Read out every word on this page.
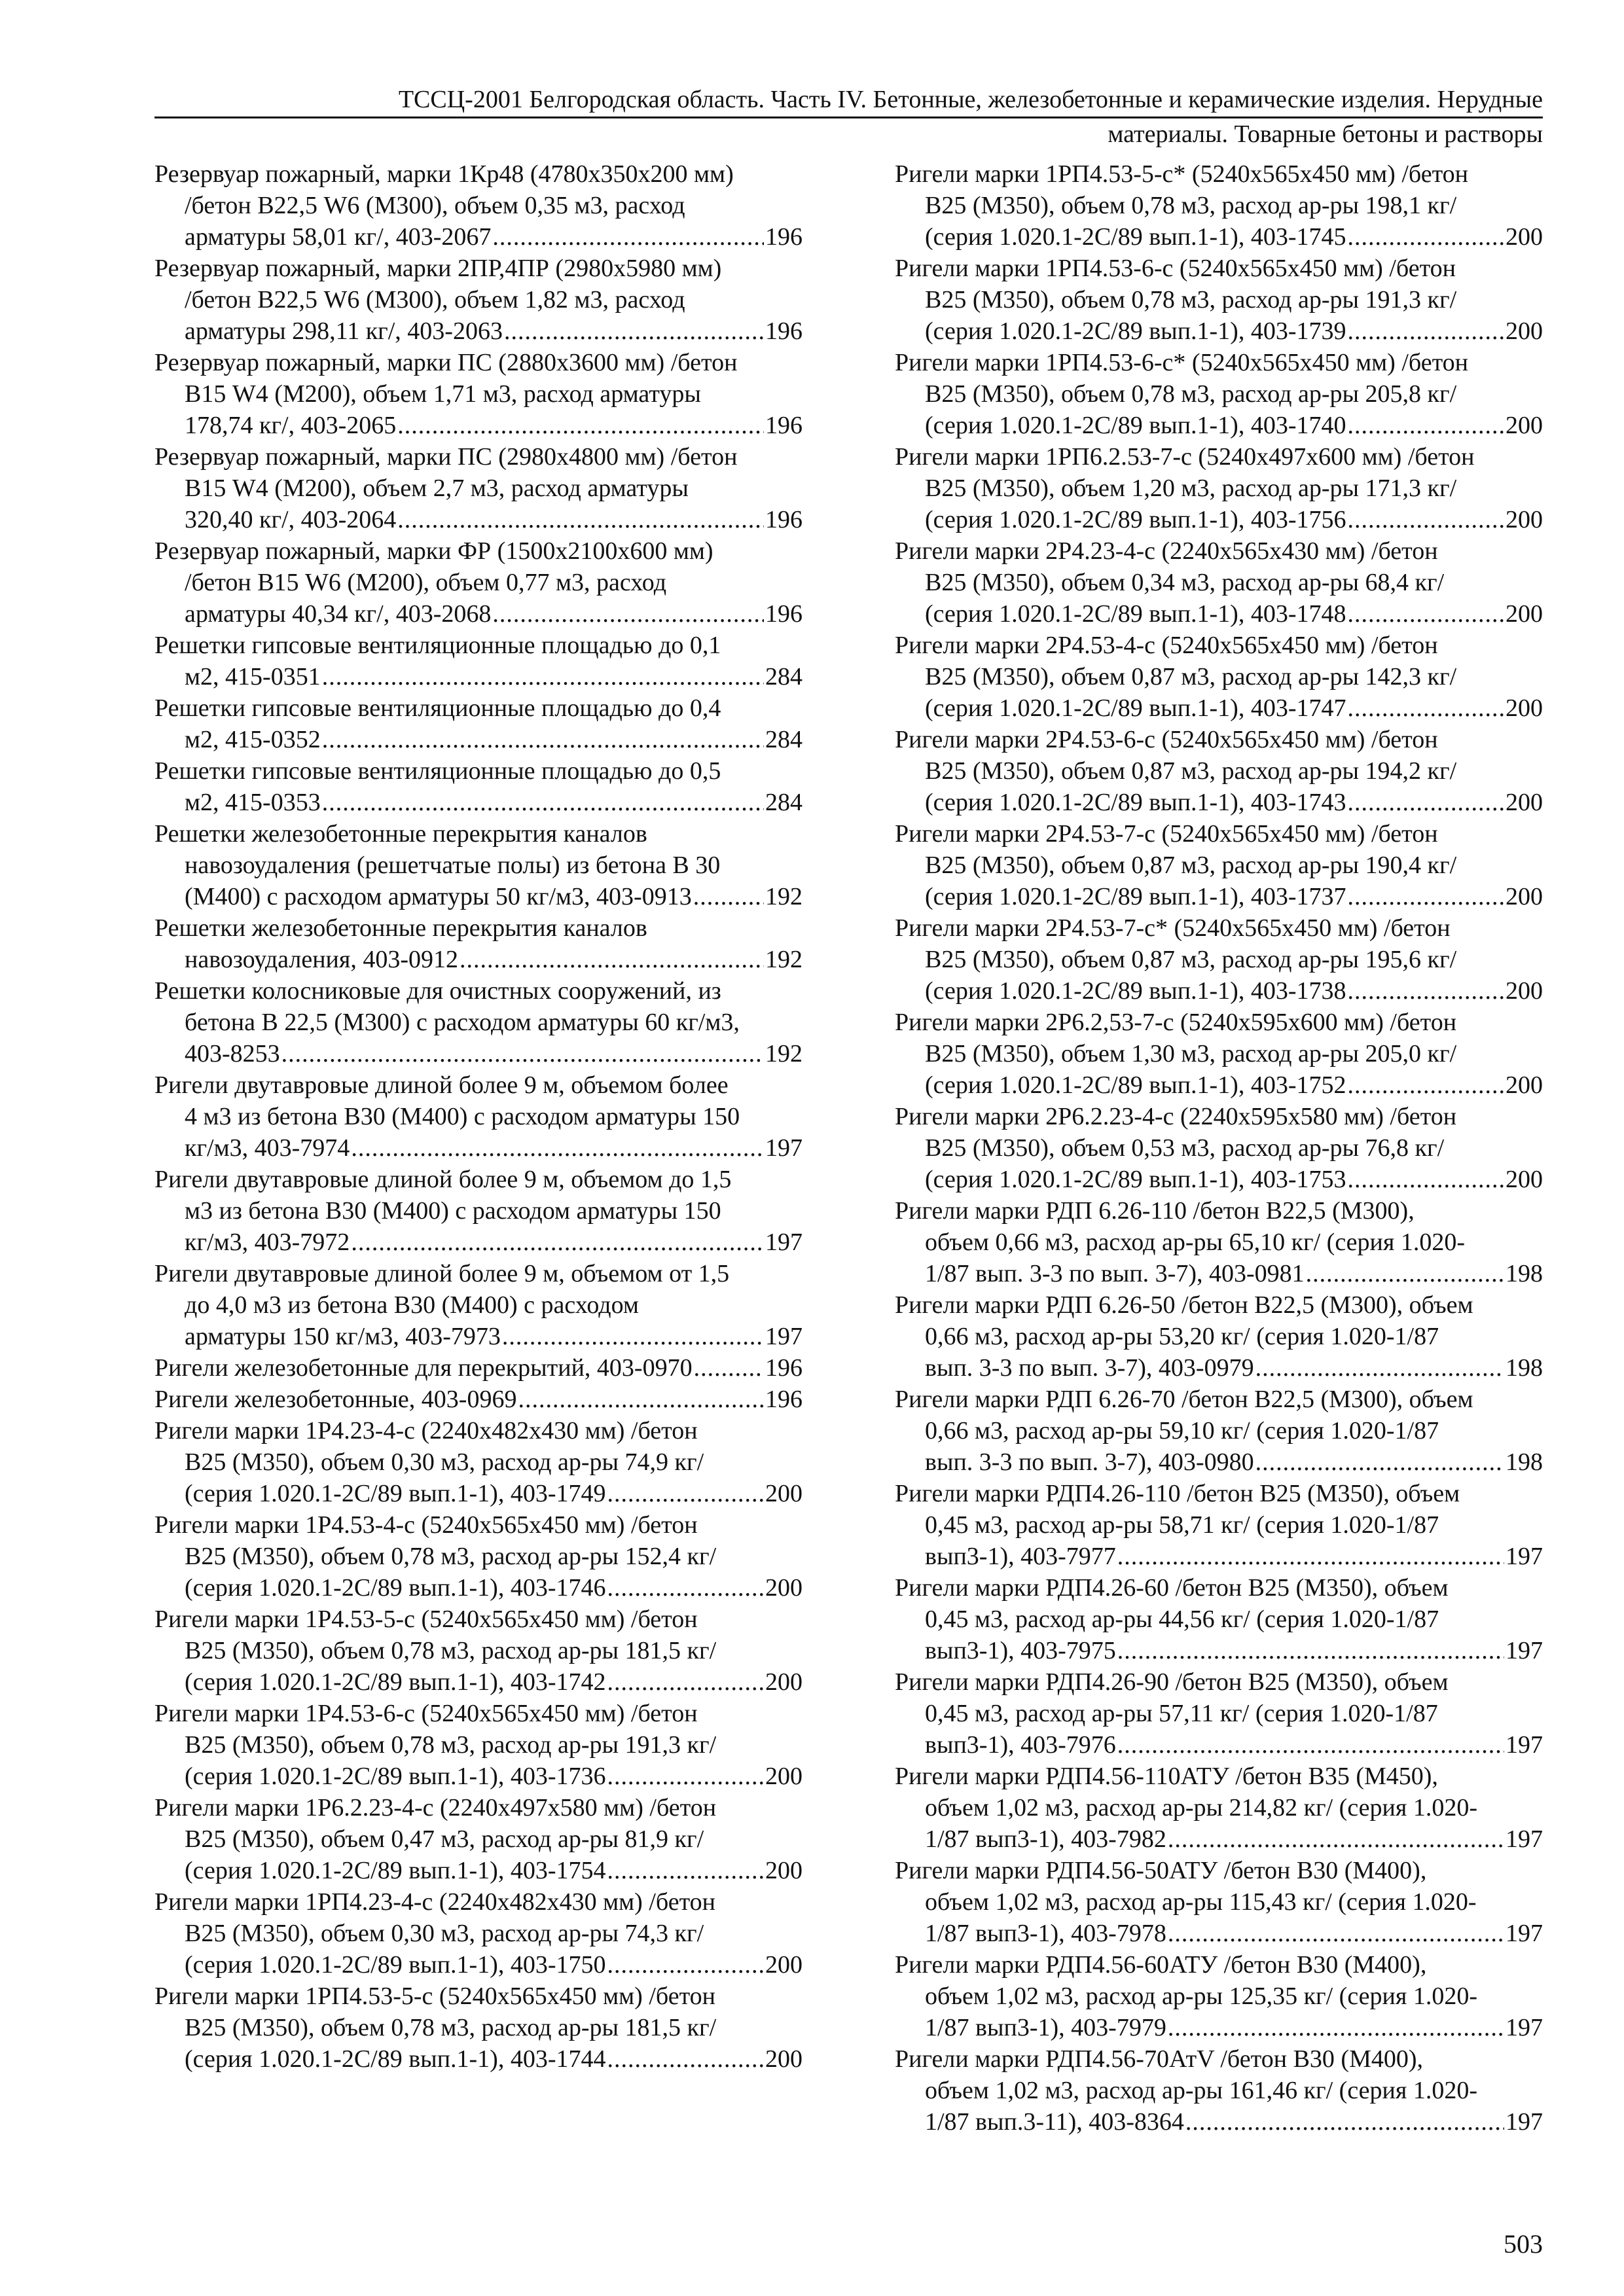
ТССЦ-2001 Белгородская область. Часть IV. Бетонные, железобетонные и керамические изделия. Нерудные
материалы. Товарные бетоны и растворы
Резервуар пожарный, марки 1Кр48 (4780х350х200 мм)
/бетон В22,5 W6 (М300), объем 0,35 м3, расход
арматуры 58,01 кг/, 403-2067 .....	196
Резервуар пожарный, марки 2ПР,4ПР (2980х5980 мм)
/бетон В22,5 W6 (М300), объем 1,82 м3, расход
арматуры 298,11 кг/, 403-2063 .....	196
Резервуар пожарный, марки ПС (2880х3600 мм) /бетон
В15 W4 (М200), объем 1,71 м3, расход арматуры
178,74 кг/, 403-2065 .....	196
Резервуар пожарный, марки ПС (2980х4800 мм) /бетон
В15 W4 (М200), объем 2,7 м3, расход арматуры
320,40 кг/, 403-2064 .....	196
Резервуар пожарный, марки ФР (1500х2100х600 мм)
/бетон В15 W6 (М200), объем 0,77 м3, расход
арматуры 40,34 кг/, 403-2068 .....	196
Решетки гипсовые вентиляционные площадью до 0,1
м2, 415-0351 .....	284
Решетки гипсовые вентиляционные площадью до 0,4
м2, 415-0352 .....	284
Решетки гипсовые вентиляционные площадью до 0,5
м2, 415-0353 .....	284
Решетки железобетонные перекрытия каналов
навозоудаления (решетчатые полы) из бетона В 30
(М400) с расходом арматуры 50 кг/м3, 403-0913 .....	192
Решетки железобетонные перекрытия каналов
навозоудаления, 403-0912 .....	192
Решетки колосниковые для очистных сооружений, из
бетона В 22,5 (М300) с расходом арматуры 60 кг/м3,
403-8253 .....	192
Ригели двутавровые длиной более 9 м, объемом более
4 м3 из бетона В30 (М400) с расходом арматуры 150
кг/м3, 403-7974 .....	197
Ригели двутавровые длиной более 9 м, объемом до 1,5
м3 из бетона В30 (М400) с расходом арматуры 150
кг/м3, 403-7972 .....	197
Ригели двутавровые длиной более 9 м, объемом от 1,5
до 4,0 м3 из бетона В30 (М400) с расходом
арматуры 150 кг/м3, 403-7973 .....	197
Ригели железобетонные для перекрытий, 403-0970 .....	196
Ригели железобетонные, 403-0969 .....	196
Ригели марки 1Р4.23-4-с (2240х482х430 мм) /бетон
В25 (М350), объем 0,30 м3, расход ар-ры 74,9 кг/
(серия 1.020.1-2С/89 вып.1-1), 403-1749 .....	200
Ригели марки 1Р4.53-4-с (5240х565х450 мм) /бетон
В25 (М350), объем 0,78 м3, расход ар-ры 152,4 кг/
(серия 1.020.1-2С/89 вып.1-1), 403-1746 .....	200
Ригели марки 1Р4.53-5-с (5240х565х450 мм) /бетон
В25 (М350), объем 0,78 м3, расход ар-ры 181,5 кг/
(серия 1.020.1-2С/89 вып.1-1), 403-1742 .....	200
Ригели марки 1Р4.53-6-с (5240х565х450 мм) /бетон
В25 (М350), объем 0,78 м3, расход ар-ры 191,3 кг/
(серия 1.020.1-2С/89 вып.1-1), 403-1736 .....	200
Ригели марки 1Р6.2.23-4-с (2240х497х580 мм) /бетон
В25 (М350), объем 0,47 м3, расход ар-ры 81,9 кг/
(серия 1.020.1-2С/89 вып.1-1), 403-1754 .....	200
Ригели марки 1РП4.23-4-с (2240х482х430 мм) /бетон
В25 (М350), объем 0,30 м3, расход ар-ры 74,3 кг/
(серия 1.020.1-2С/89 вып.1-1), 403-1750 .....	200
Ригели марки 1РП4.53-5-с (5240х565х450 мм) /бетон
В25 (М350), объем 0,78 м3, расход ар-ры 181,5 кг/
(серия 1.020.1-2С/89 вып.1-1), 403-1744 .....	200
Ригели марки 1РП4.53-5-с* (5240х565х450 мм) /бетон
В25 (М350), объем 0,78 м3, расход ар-ры 198,1 кг/
(серия 1.020.1-2С/89 вып.1-1), 403-1745 .....	200
Ригели марки 1РП4.53-6-с (5240х565х450 мм) /бетон
В25 (М350), объем 0,78 м3, расход ар-ры 191,3 кг/
(серия 1.020.1-2С/89 вып.1-1), 403-1739 .....	200
Ригели марки 1РП4.53-6-с* (5240х565х450 мм) /бетон
В25 (М350), объем 0,78 м3, расход ар-ры 205,8 кг/
(серия 1.020.1-2С/89 вып.1-1), 403-1740 .....	200
Ригели марки 1РП6.2.53-7-с (5240х497х600 мм) /бетон
В25 (М350), объем 1,20 м3, расход ар-ры 171,3 кг/
(серия 1.020.1-2С/89 вып.1-1), 403-1756 .....	200
Ригели марки 2Р4.23-4-с (2240х565х430 мм) /бетон
В25 (М350), объем 0,34 м3, расход ар-ры 68,4 кг/
(серия 1.020.1-2С/89 вып.1-1), 403-1748 .....	200
Ригели марки 2Р4.53-4-с (5240х565х450 мм) /бетон
В25 (М350), объем 0,87 м3, расход ар-ры 142,3 кг/
(серия 1.020.1-2С/89 вып.1-1), 403-1747 .....	200
Ригели марки 2Р4.53-6-с (5240х565х450 мм) /бетон
В25 (М350), объем 0,87 м3, расход ар-ры 194,2 кг/
(серия 1.020.1-2С/89 вып.1-1), 403-1743 .....	200
Ригели марки 2Р4.53-7-с (5240х565х450 мм) /бетон
В25 (М350), объем 0,87 м3, расход ар-ры 190,4 кг/
(серия 1.020.1-2С/89 вып.1-1), 403-1737 .....	200
Ригели марки 2Р4.53-7-с* (5240х565х450 мм) /бетон
В25 (М350), объем 0,87 м3, расход ар-ры 195,6 кг/
(серия 1.020.1-2С/89 вып.1-1), 403-1738 .....	200
Ригели марки 2Р6.2,53-7-с (5240х595х600 мм) /бетон
В25 (М350), объем 1,30 м3, расход ар-ры 205,0 кг/
(серия 1.020.1-2С/89 вып.1-1), 403-1752 .....	200
Ригели марки 2Р6.2.23-4-с (2240х595х580 мм) /бетон
В25 (М350), объем 0,53 м3, расход ар-ры 76,8 кг/
(серия 1.020.1-2С/89 вып.1-1), 403-1753 .....	200
Ригели марки РДП 6.26-110 /бетон В22,5 (М300),
объем 0,66 м3, расход ар-ры 65,10 кг/ (серия 1.020-
1/87 вып. 3-3 по вып. 3-7), 403-0981 .....	198
Ригели марки РДП 6.26-50 /бетон В22,5 (М300), объем
0,66 м3, расход ар-ры 53,20 кг/ (серия 1.020-1/87
вып. 3-3 по вып. 3-7), 403-0979 .....	198
Ригели марки РДП 6.26-70 /бетон В22,5 (М300), объем
0,66 м3, расход ар-ры 59,10 кг/ (серия 1.020-1/87
вып. 3-3 по вып. 3-7), 403-0980 .....	198
Ригели марки РДП4.26-110 /бетон В25 (М350), объем
0,45 м3, расход ар-ры 58,71 кг/ (серия 1.020-1/87
вып3-1), 403-7977 .....	197
Ригели марки РДП4.26-60 /бетон В25 (М350), объем
0,45 м3, расход ар-ры 44,56 кг/ (серия 1.020-1/87
вып3-1), 403-7975 .....	197
Ригели марки РДП4.26-90 /бетон В25 (М350), объем
0,45 м3, расход ар-ры 57,11 кг/ (серия 1.020-1/87
вып3-1), 403-7976 .....	197
Ригели марки РДП4.56-110АТУ /бетон В35 (М450),
объем 1,02 м3, расход ар-ры 214,82 кг/ (серия 1.020-
1/87 вып3-1), 403-7982 .....	197
Ригели марки РДП4.56-50АТУ /бетон В30 (М400),
объем 1,02 м3, расход ар-ры 115,43 кг/ (серия 1.020-
1/87 вып3-1), 403-7978 .....	197
Ригели марки РДП4.56-60АТУ /бетон В30 (М400),
объем 1,02 м3, расход ар-ры 125,35 кг/ (серия 1.020-
1/87 вып3-1), 403-7979 .....	197
Ригели марки РДП4.56-70АтV /бетон В30 (М400),
объем 1,02 м3, расход ар-ры 161,46 кг/ (серия 1.020-
1/87 вып.3-11), 403-8364 .....	197
503
